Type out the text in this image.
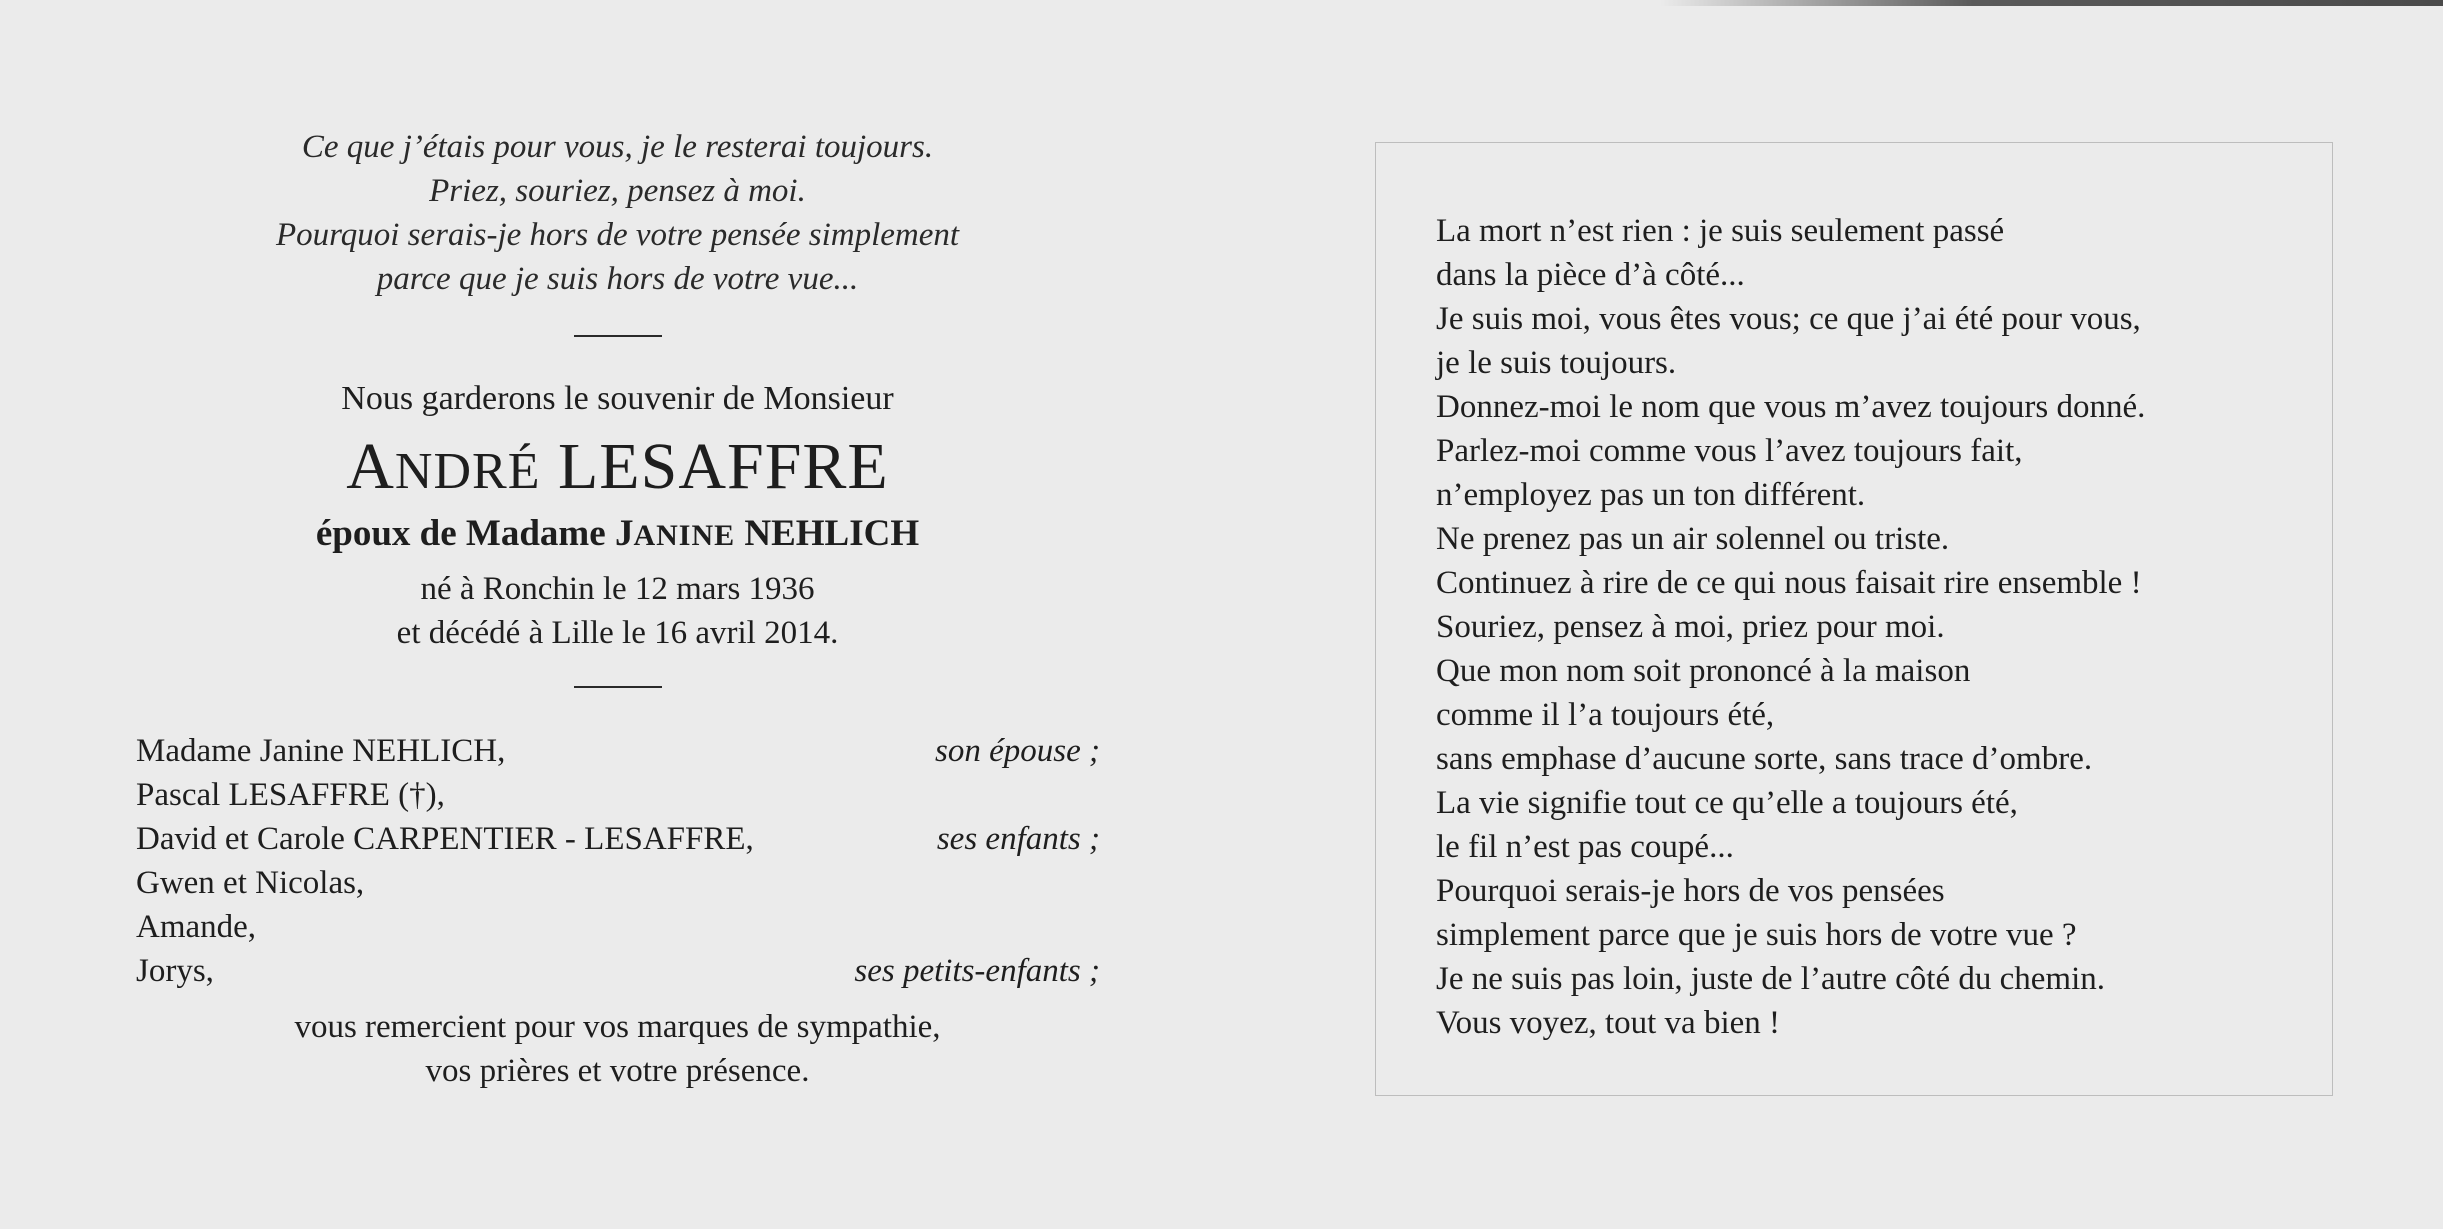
Ce que j’étais pour vous, je le resterai toujours.
Priez, souriez, pensez à moi.
Pourquoi serais-je hors de votre pensée simplement
parce que je suis hors de votre vue...
Nous garderons le souvenir de Monsieur
ANDRÉ LESAFFRE
époux de Madame JANINE NEHLICH
né à Ronchin le 12 mars 1936
et décédé à Lille le 16 avril 2014.
Madame Janine NEHLICH,	son épouse ;
Pascal LESAFFRE (†),
David et Carole CARPENTIER - LESAFFRE,	ses enfants ;
Gwen et Nicolas,
Amande,
Jorys,	ses petits-enfants ;
vous remercient pour vos marques de sympathie,
vos prières et votre présence.
La mort n’est rien : je suis seulement passé
dans la pièce d’à côté...
Je suis moi, vous êtes vous; ce que j’ai été pour vous,
je le suis toujours.
Donnez-moi le nom que vous m’avez toujours donné.
Parlez-moi comme vous l’avez toujours fait,
n’employez pas un ton différent.
Ne prenez pas un air solennel ou triste.
Continuez à rire de ce qui nous faisait rire ensemble !
Souriez, pensez à moi, priez pour moi.
Que mon nom soit prononcé à la maison
comme il l’a toujours été,
sans emphase d’aucune sorte, sans trace d’ombre.
La vie signifie tout ce qu’elle a toujours été,
le fil n’est pas coupé...
Pourquoi serais-je hors de vos pensées
simplement parce que je suis hors de votre vue ?
Je ne suis pas loin, juste de l’autre côté du chemin.
Vous voyez, tout va bien !
